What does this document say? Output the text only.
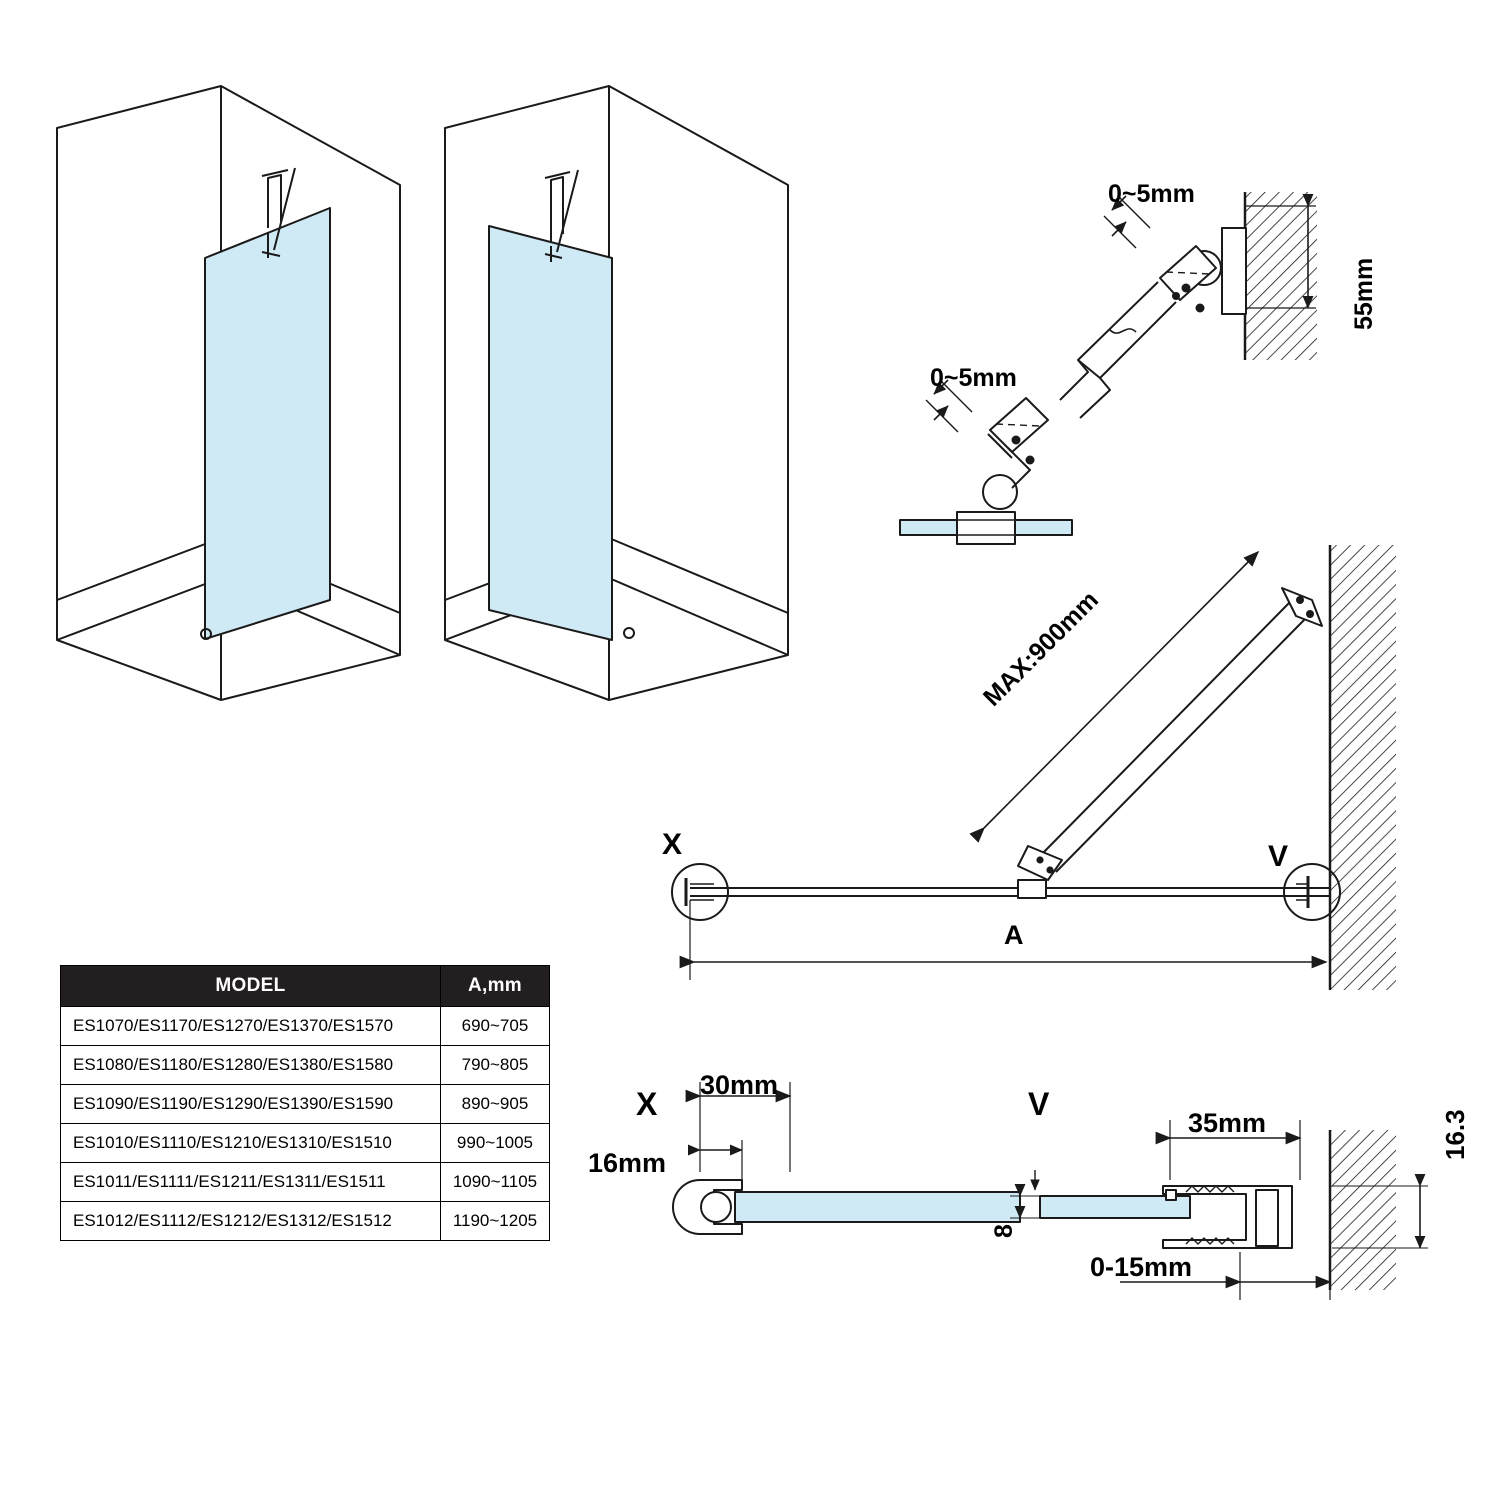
0~5mm
0~5mm
55mm
MAX:900mm
X	V
A
X
30mm
16mm
V
35mm
8
16.3
0-15mm
MODEL	A,mm
ES1070/ES1170/ES1270/ES1370/ES1570	690~705
ES1080/ES1180/ES1280/ES1380/ES1580	790~805
ES1090/ES1190/ES1290/ES1390/ES1590	890~905
ES1010/ES1110/ES1210/ES1310/ES1510	990~1005
ES1011/ES1111/ES1211/ES1311/ES1511	1090~1105
ES1012/ES1112/ES1212/ES1312/ES1512	1190~1205
